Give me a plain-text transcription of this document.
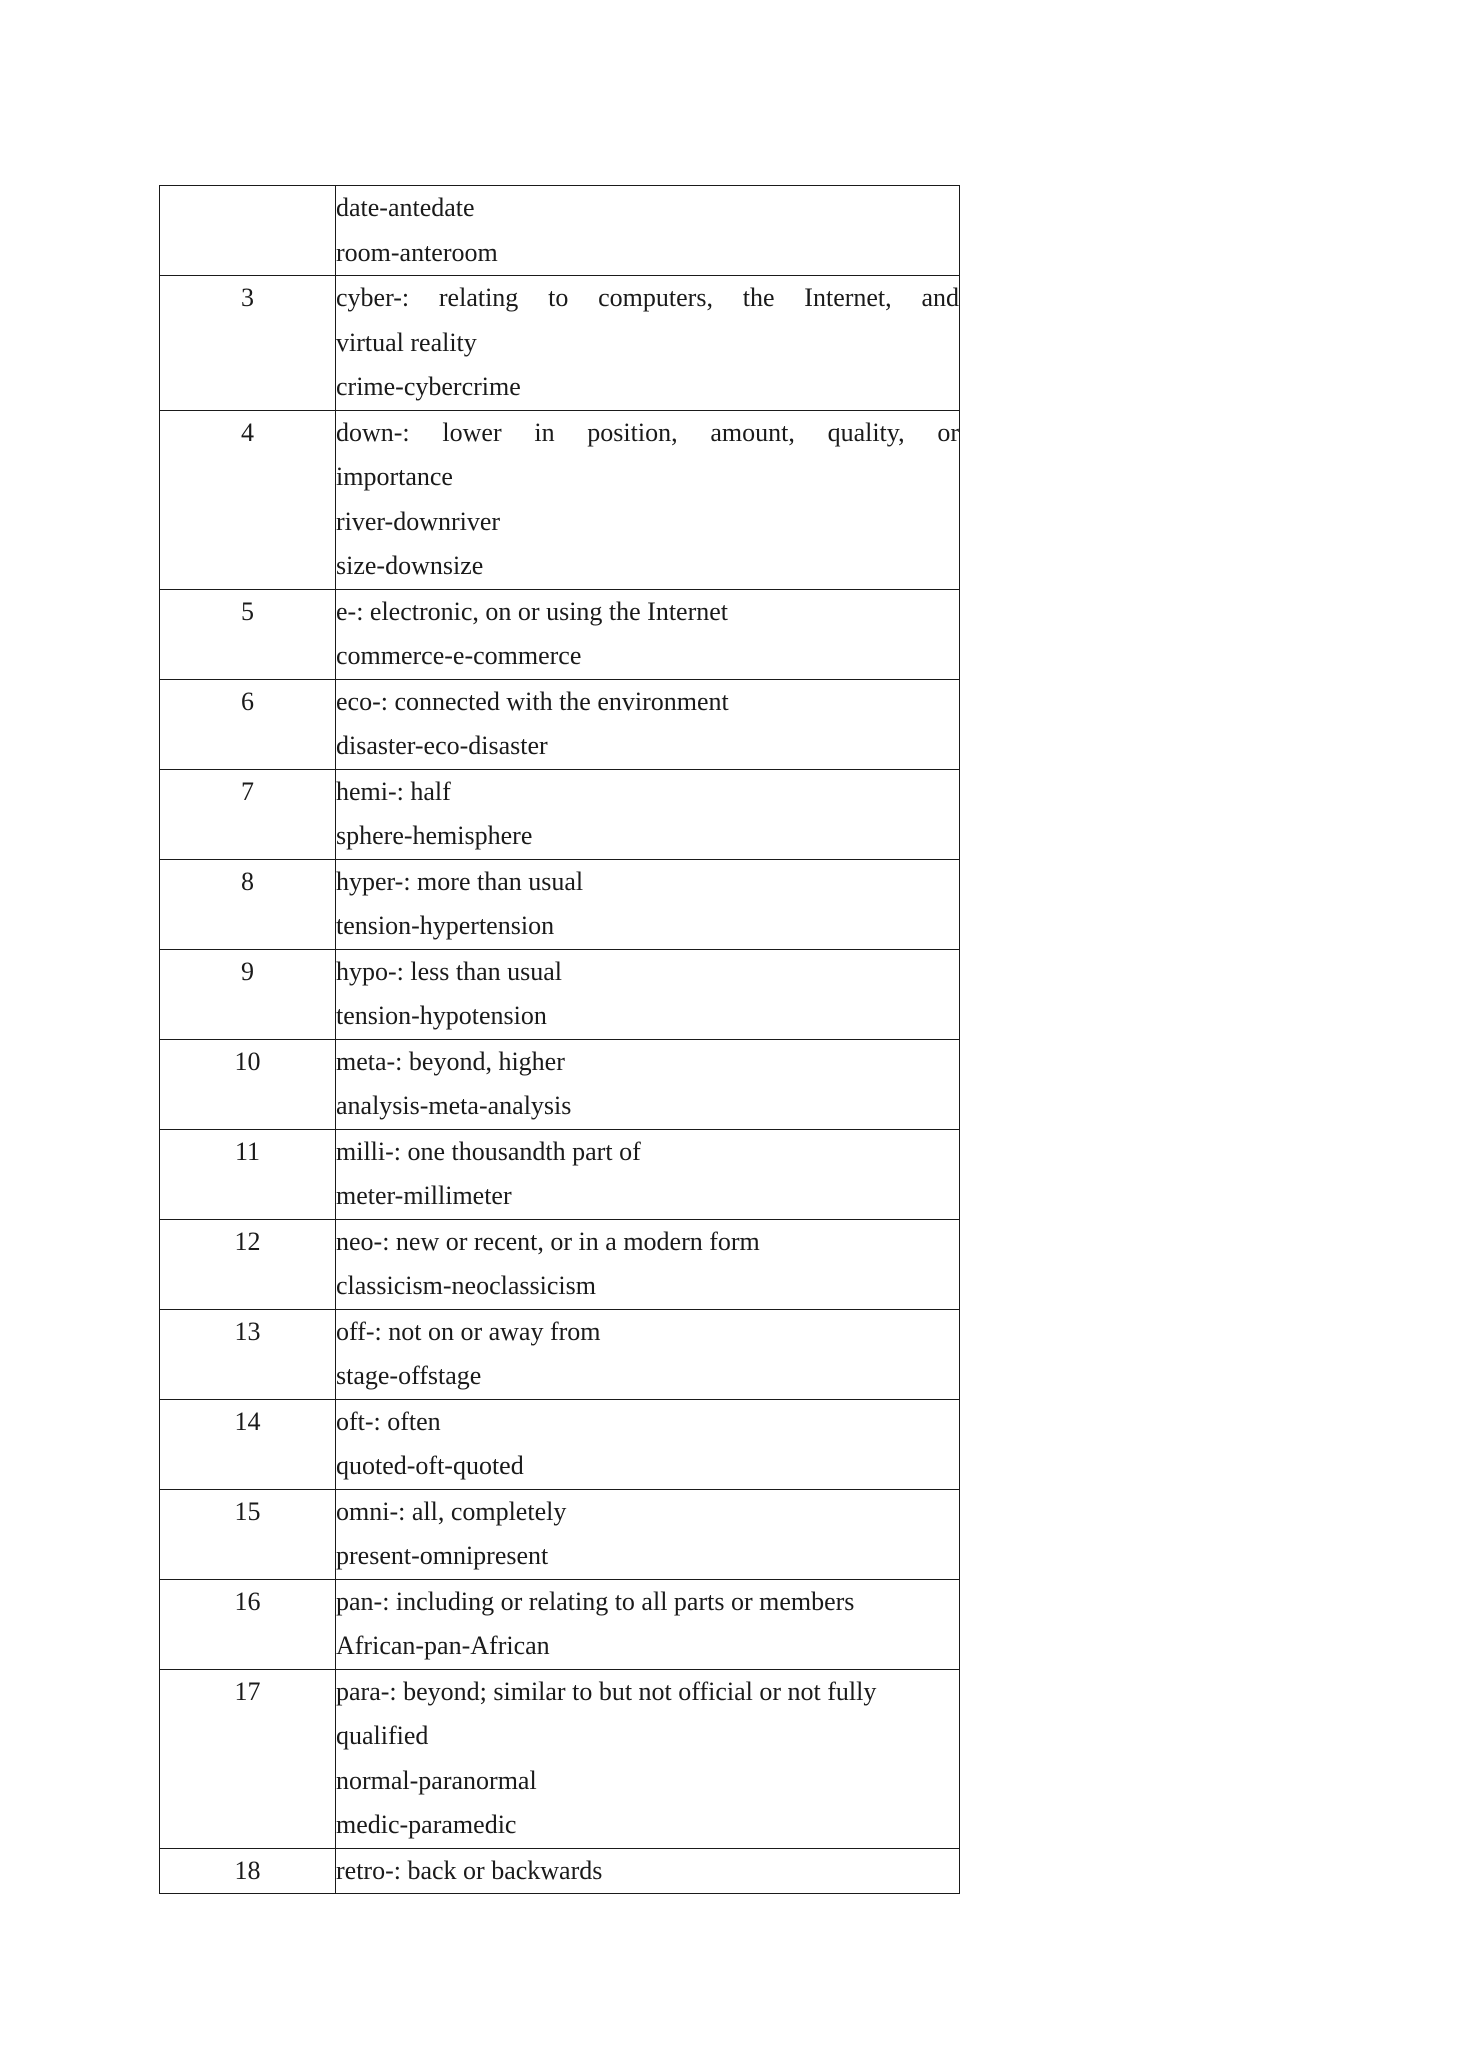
	date-antedate
room-anteroom

3	cyber-: relating to computers, the Internet, and
virtual reality
crime-cybercrime

4	down-: lower in position, amount, quality, or
importance
river-downriver
size-downsize

5	e-: electronic, on or using the Internet
commerce-e-commerce

6	eco-: connected with the environment
disaster-eco-disaster

7	hemi-: half
sphere-hemisphere

8	hyper-: more than usual
tension-hypertension

9	hypo-: less than usual
tension-hypotension

10	meta-: beyond, higher
analysis-meta-analysis

11	milli-: one thousandth part of
meter-millimeter

12	neo-: new or recent, or in a modern form
classicism-neoclassicism

13	off-: not on or away from
stage-offstage

14	oft-: often
quoted-oft-quoted

15	omni-: all, completely
present-omnipresent

16	pan-: including or relating to all parts or members
African-pan-African

17	para-: beyond; similar to but not official or not fully
qualified
normal-paranormal
medic-paramedic

18	retro-: back or backwards
